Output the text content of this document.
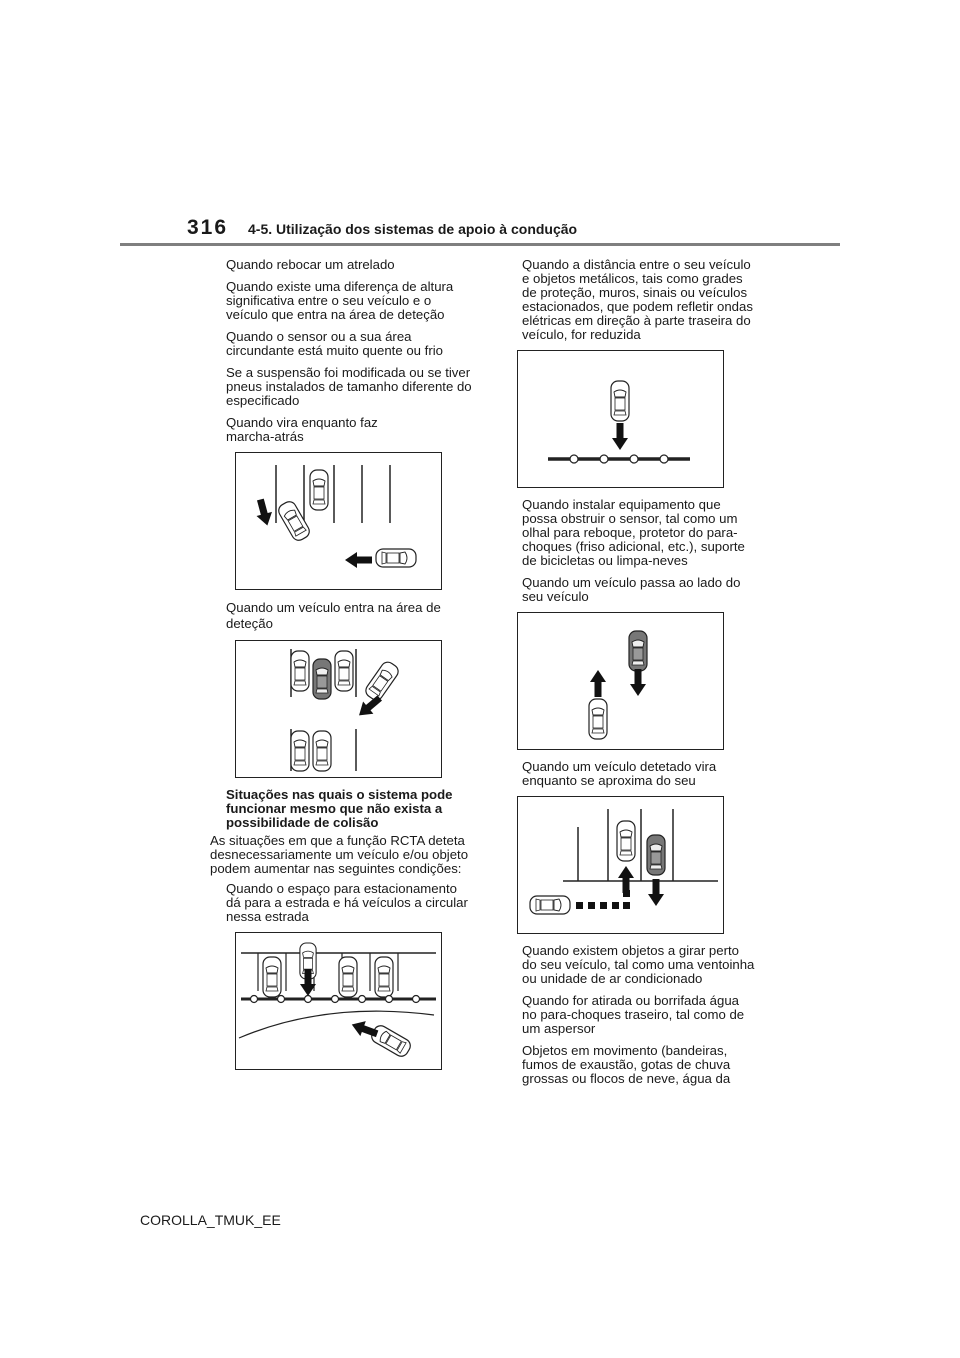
316 4-5. Utilização dos sistemas de apoio à condução
Quando rebocar um atrelado
Quando existe uma diferença de altura significativa entre o seu veículo e o veículo que entra na área de deteção
Quando o sensor ou a sua área circundante está muito quente ou frio
Se a suspensão foi modificada ou se tiver pneus instalados de tamanho diferente do especificado
Quando vira enquanto faz marcha-atrás
Quando um veículo entra na área de deteção
Situações nas quais o sistema pode funcionar mesmo que não exista a possibilidade de colisão
As situações em que a função RCTA deteta desnecessariamente um veículo e/ou objeto podem aumentar nas seguintes condições:
Quando o espaço para estacionamento dá para a estrada e há veículos a circular nessa estrada
Quando a distância entre o seu veículo e objetos metálicos, tais como grades de proteção, muros, sinais ou veículos estacionados, que podem refletir ondas elétricas em direção à parte traseira do veículo, for reduzida
Quando instalar equipamento que possa obstruir o sensor, tal como um olhal para reboque, protetor do para-choques (friso adicional, etc.), suporte de bicicletas ou limpa-neves
Quando um veículo passa ao lado do seu veículo
Quando um veículo detetado vira enquanto se aproxima do seu
Quando existem objetos a girar perto do seu veículo, tal como uma ventoinha ou unidade de ar condicionado
Quando for atirada ou borrifada água no para-choques traseiro, tal como de um aspersor
Objetos em movimento (bandeiras, fumos de exaustão, gotas de chuva grossas ou flocos de neve, água da
COROLLA_TMUK_EE
